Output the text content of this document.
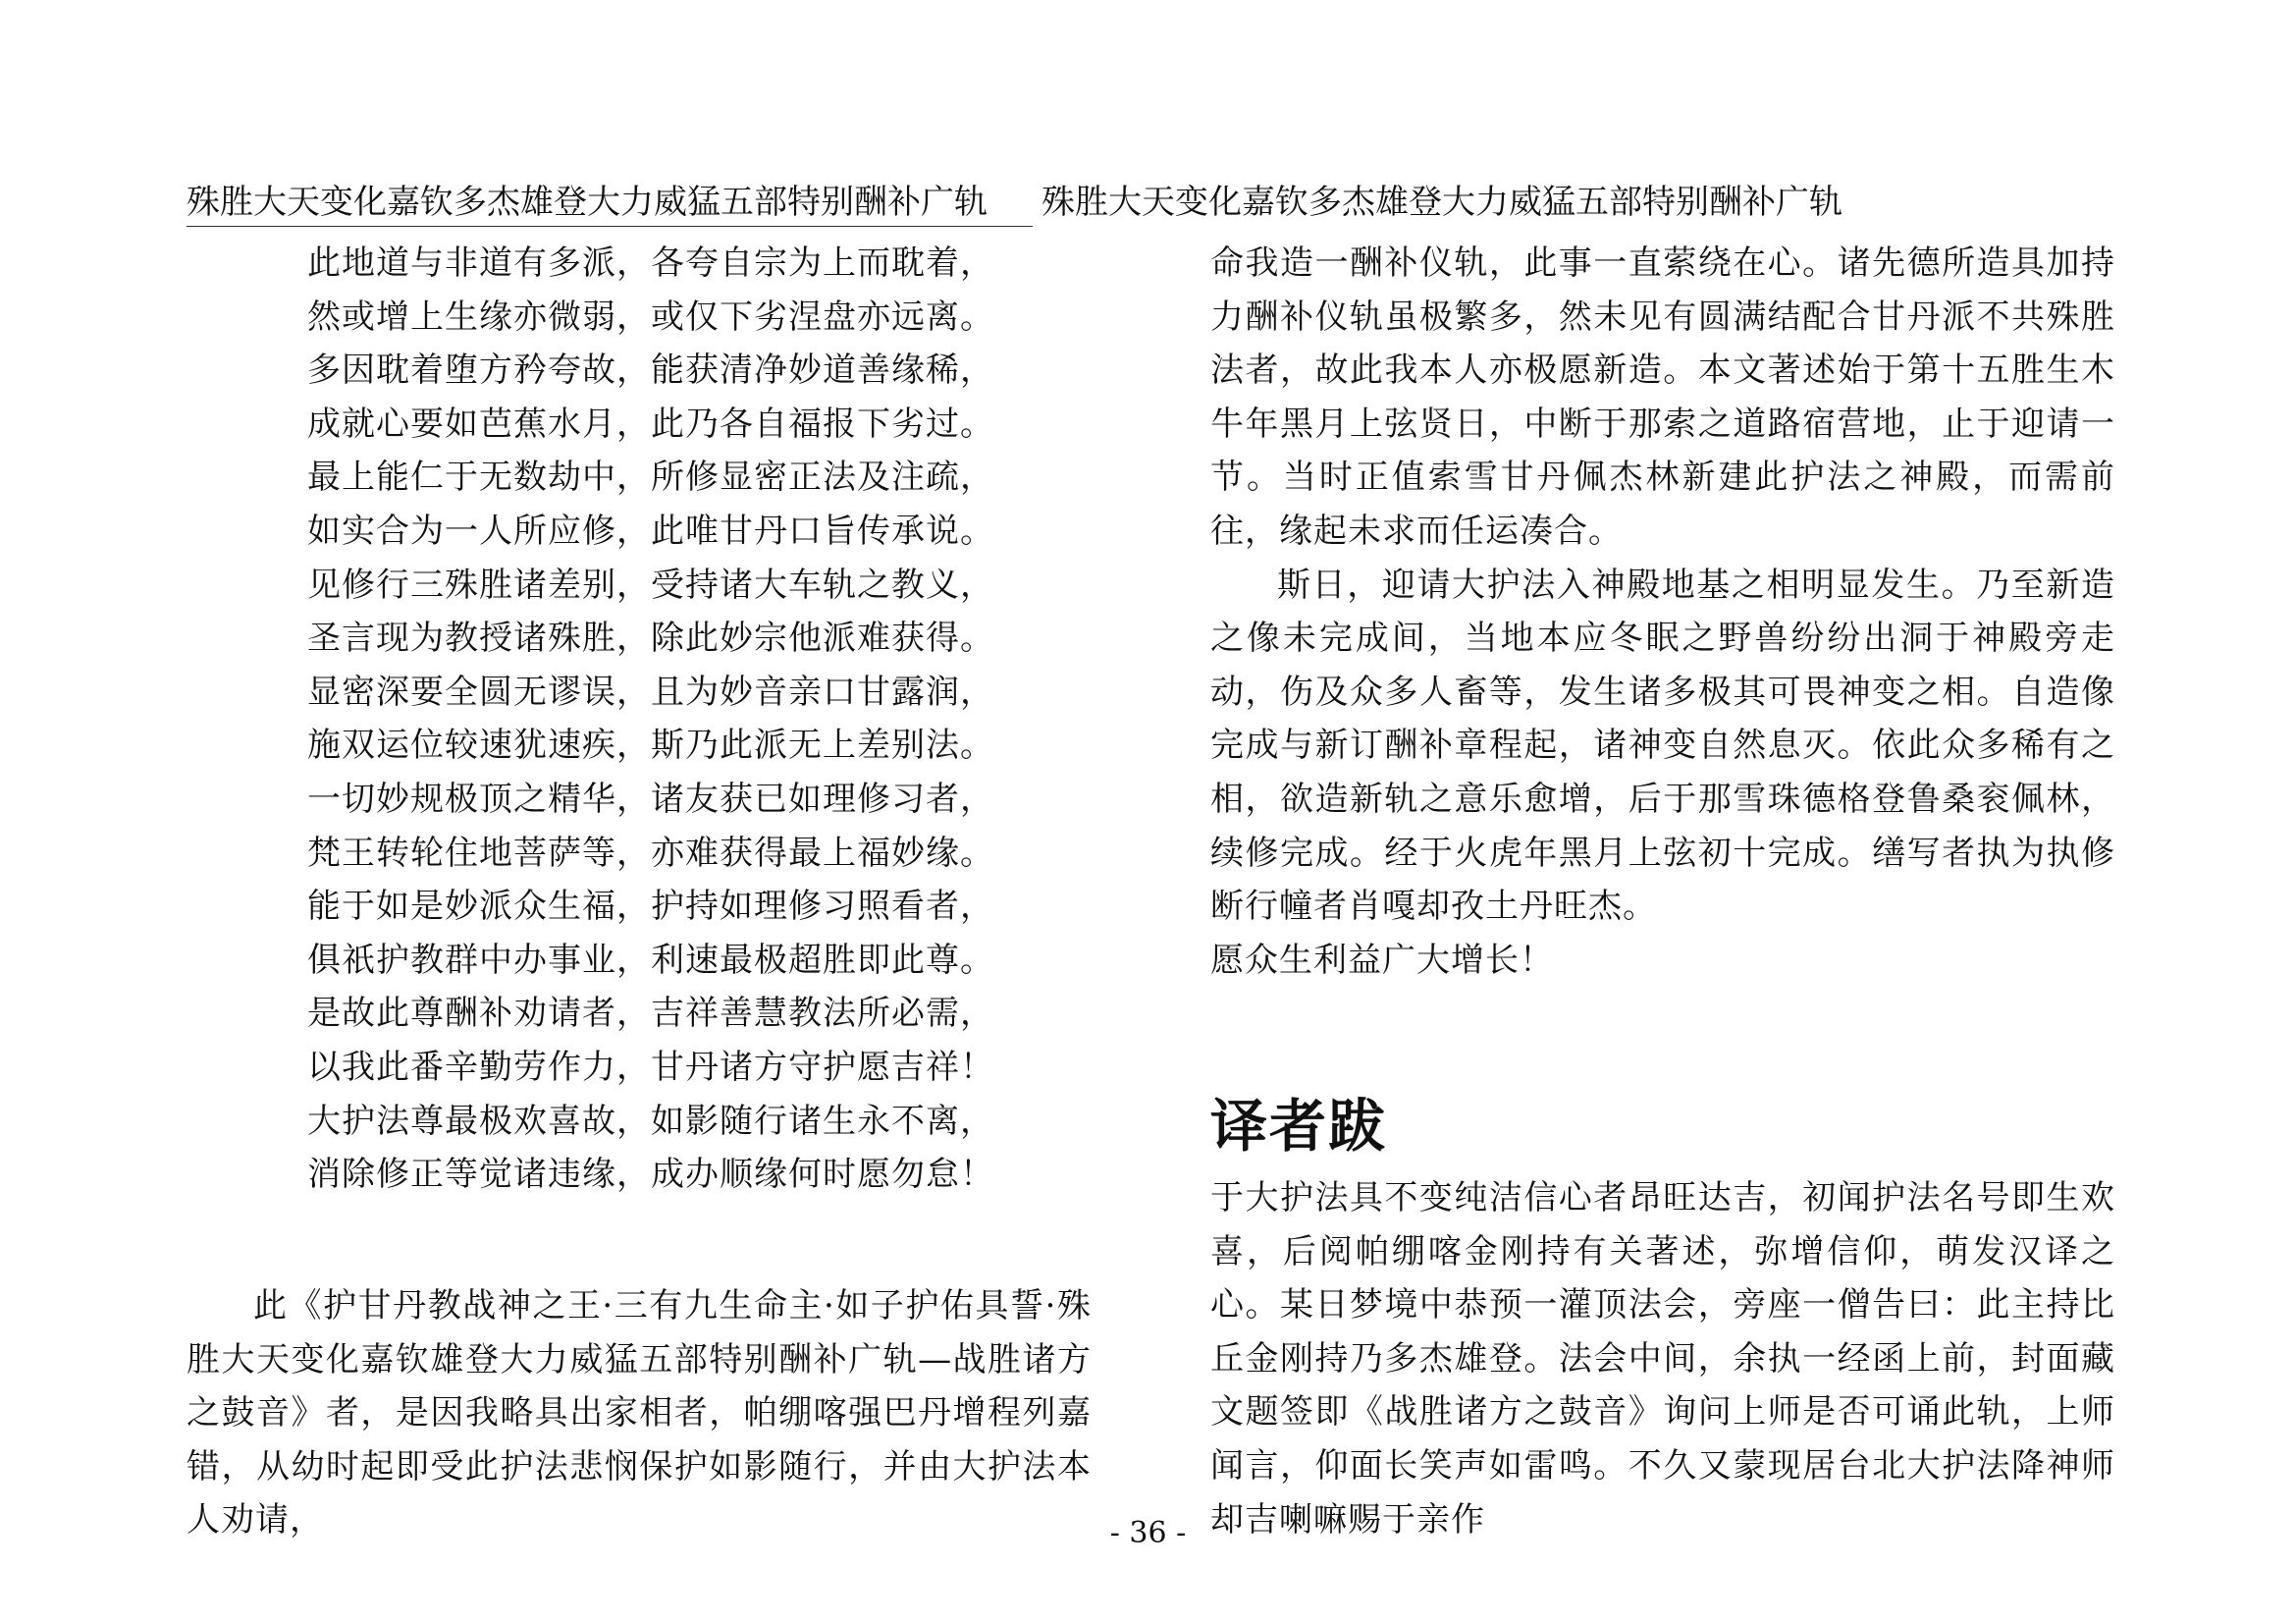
殊胜大天变化嘉钦多杰雄登大力威猛五部特别酬补广轨 殊胜大天变化嘉钦多杰雄登大力威猛五部特别酬补广轨
此地道与非道有多派，各夸自宗为上而耽着，
然或增上生缘亦微弱，或仅下劣涅盘亦远离。
多因耽着堕方矜夸故，能获清净妙道善缘稀，
成就心要如芭蕉水月，此乃各自福报下劣过。
最上能仁于无数劫中，所修显密正法及注疏，
如实合为一人所应修，此唯甘丹口旨传承说。
见修行三殊胜诸差别，受持诸大车轨之教义，
圣言现为教授诸殊胜，除此妙宗他派难获得。
显密深要全圆无谬误，且为妙音亲口甘露润，
施双运位较速犹速疾，斯乃此派无上差别法。
一切妙规极顶之精华，诸友获已如理修习者，
梵王转轮住地菩萨等，亦难获得最上福妙缘。
能于如是妙派众生福，护持如理修习照看者，
俱祇护教群中办事业，利速最极超胜即此尊。
是故此尊酬补劝请者，吉祥善慧教法所必需，
以我此番辛勤劳作力，甘丹诸方守护愿吉祥！
大护法尊最极欢喜故，如影随行诸生永不离，
消除修正等觉诸违缘，成办顺缘何时愿勿怠！
此《护甘丹教战神之王·三有九生命主·如子护佑具誓·殊胜大天变化嘉钦雄登大力威猛五部特别酬补广轨—战胜诸方之鼓音》者，是因我略具出家相者，帕绷喀强巴丹增程列嘉错，从幼时起即受此护法悲悯保护如影随行，并由大护法本人劝请，

命我造一酬补仪轨，此事一直萦绕在心。诸先德所造具加持力酬补仪轨虽极繁多，然未见有圆满结配合甘丹派不共殊胜法者，故此我本人亦极愿新造。本文著述始于第十五胜生木牛年黑月上弦贤日，中断于那索之道路宿营地，止于迎请一节。当时正值索雪甘丹佩杰林新建此护法之神殿，而需前往，缘起未求而任运凑合。

斯日，迎请大护法入神殿地基之相明显发生。乃至新造之像未完成间，当地本应冬眠之野兽纷纷出洞于神殿旁走动，伤及众多人畜等，发生诸多极其可畏神变之相。自造像完成与新订酬补章程起，诸神变自然息灭。依此众多稀有之相，欲造新轨之意乐愈增，后于那雪珠德格登鲁桑衮佩林，续修完成。经于火虎年黑月上弦初十完成。缮写者执为执修断行幢者肖嘎却孜土丹旺杰。

愿众生利益广大增长！

译者跋
于大护法具不变纯洁信心者昂旺达吉，初闻护法名号即生欢喜，后阅帕绷喀金刚持有关著述，弥增信仰，萌发汉译之心。某日梦境中恭预一灌顶法会，旁座一僧告曰：此主持比丘金刚持乃多杰雄登。法会中间，余执一经函上前，封面藏文题签即《战胜诸方之鼓音》询问上师是否可诵此轨，上师闻言，仰面长笑声如雷鸣。不久又蒙现居台北大护法降神师却吉喇嘛赐于亲作
- 36 -
